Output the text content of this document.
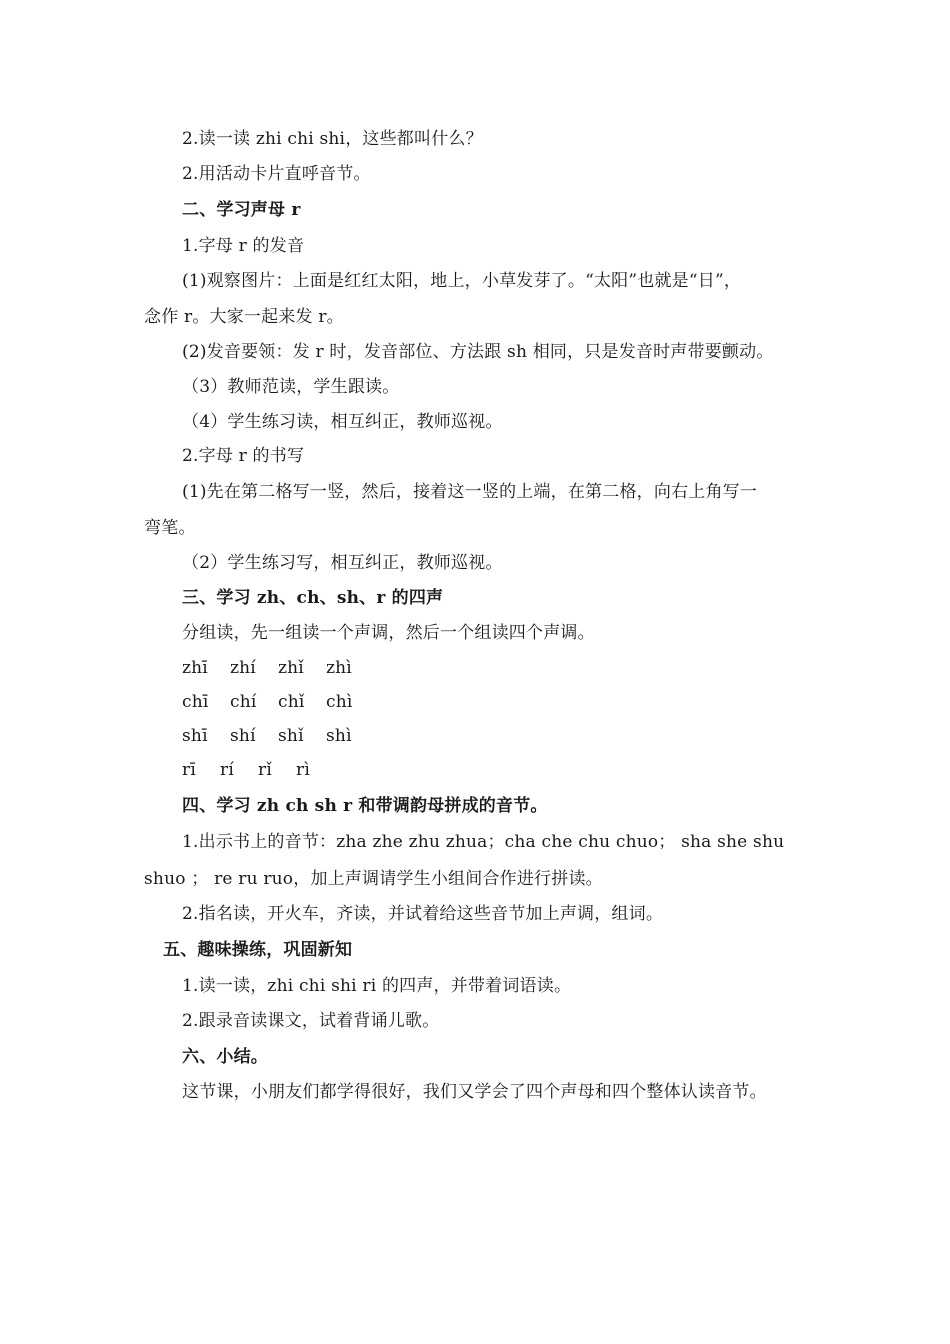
2.读一读 zhi chi shi，这些都叫什么？
2.用活动卡片直呼音节。
二、学习声母 r
1.字母 r 的发音
(1)观察图片：上面是红红太阳，地上，小草发芽了。“太阳”也就是“日”，
念作 r。大家一起来发 r。
(2)发音要领：发 r 时，发音部位、方法跟 sh 相同，只是发音时声带要颤动。
（3）教师范读，学生跟读。
（4）学生练习读，相互纠正，教师巡视。
2.字母 r 的书写
(1)先在第二格写一竖，然后，接着这一竖的上端，在第二格，向右上角写一
弯笔。
（2）学生练习写，相互纠正，教师巡视。
三、学习 zh、ch、sh、r 的四声
分组读，先一组读一个声调，然后一个组读四个声调。
zhī	zhí	zhǐ	zhì
chī	chí	chǐ	chì
shī	shí	shǐ	shì
rī	rí	rǐ	rì
四、学习 zh ch sh r 和带调韵母拼成的音节。
1.出示书上的音节：zha zhe zhu zhua；cha che chu chuo； sha she shu
shuo ； re ru ruo，加上声调请学生小组间合作进行拼读。
2.指名读，开火车，齐读，并试着给这些音节加上声调，组词。
五、趣味操练，巩固新知
1.读一读，zhi chi shi ri 的四声，并带着词语读。
2.跟录音读课文，试着背诵儿歌。
六、小结。
这节课，小朋友们都学得很好，我们又学会了四个声母和四个整体认读音节。
